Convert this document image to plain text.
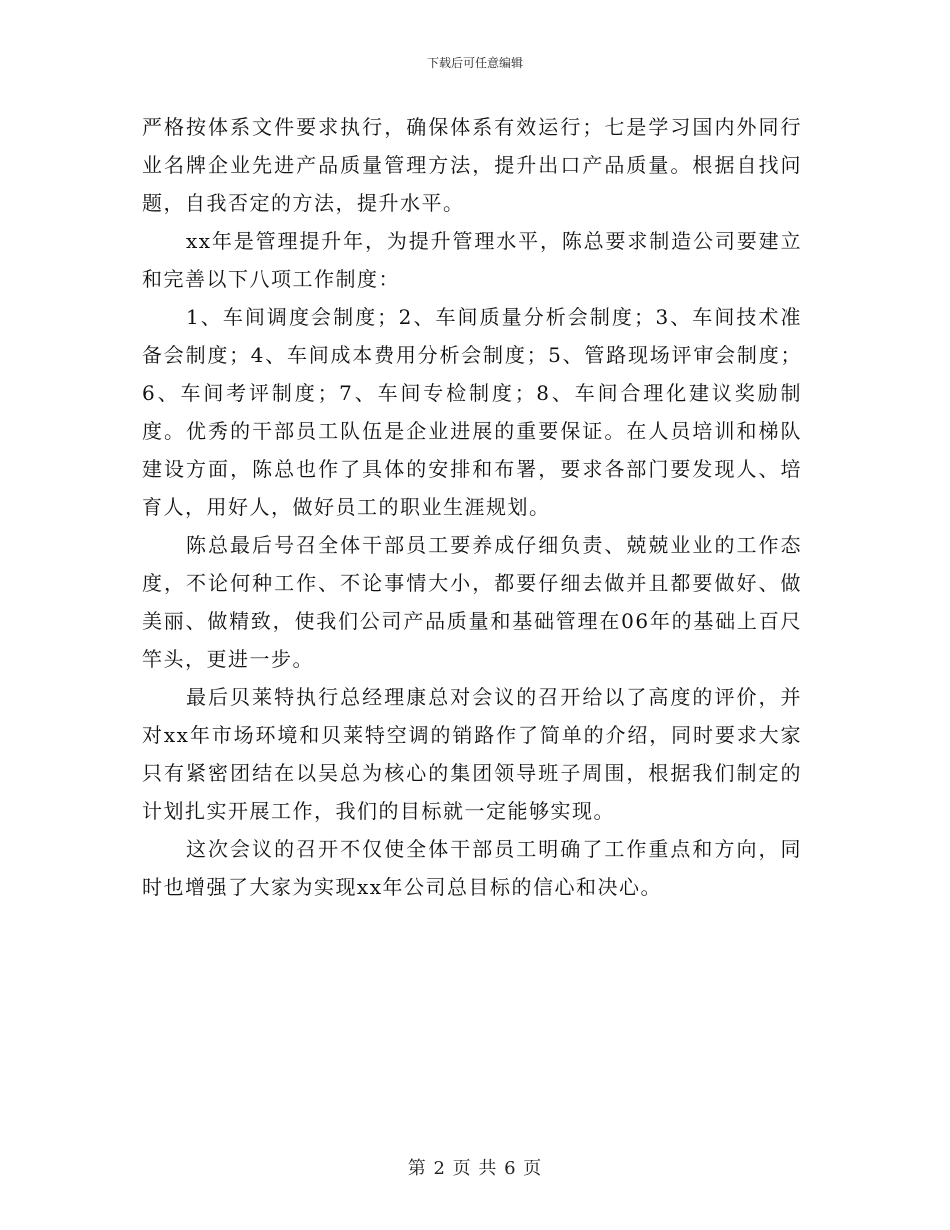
下载后可任意编辑

严格按体系文件要求执行，确保体系有效运行；七是学习国内外同行业名牌企业先进产品质量管理方法，提升出口产品质量。根据自找问题，自我否定的方法，提升水平。

xx年是管理提升年，为提升管理水平，陈总要求制造公司要建立和完善以下八项工作制度：

1、车间调度会制度；2、车间质量分析会制度；3、车间技术准备会制度；4、车间成本费用分析会制度；5、管路现场评审会制度；6、车间考评制度；7、车间专检制度；8、车间合理化建议奖励制度。优秀的干部员工队伍是企业进展的重要保证。在人员培训和梯队建设方面，陈总也作了具体的安排和布署，要求各部门要发现人、培育人，用好人，做好员工的职业生涯规划。

陈总最后号召全体干部员工要养成仔细负责、兢兢业业的工作态度，不论何种工作、不论事情大小，都要仔细去做并且都要做好、做美丽、做精致，使我们公司产品质量和基础管理在06年的基础上百尺竿头，更进一步。

最后贝莱特执行总经理康总对会议的召开给以了高度的评价，并对xx年市场环境和贝莱特空调的销路作了简单的介绍，同时要求大家只有紧密团结在以吴总为核心的集团领导班子周围，根据我们制定的计划扎实开展工作，我们的目标就一定能够实现。

这次会议的召开不仅使全体干部员工明确了工作重点和方向，同时也增强了大家为实现xx年公司总目标的信心和决心。

第 2 页 共 6 页
